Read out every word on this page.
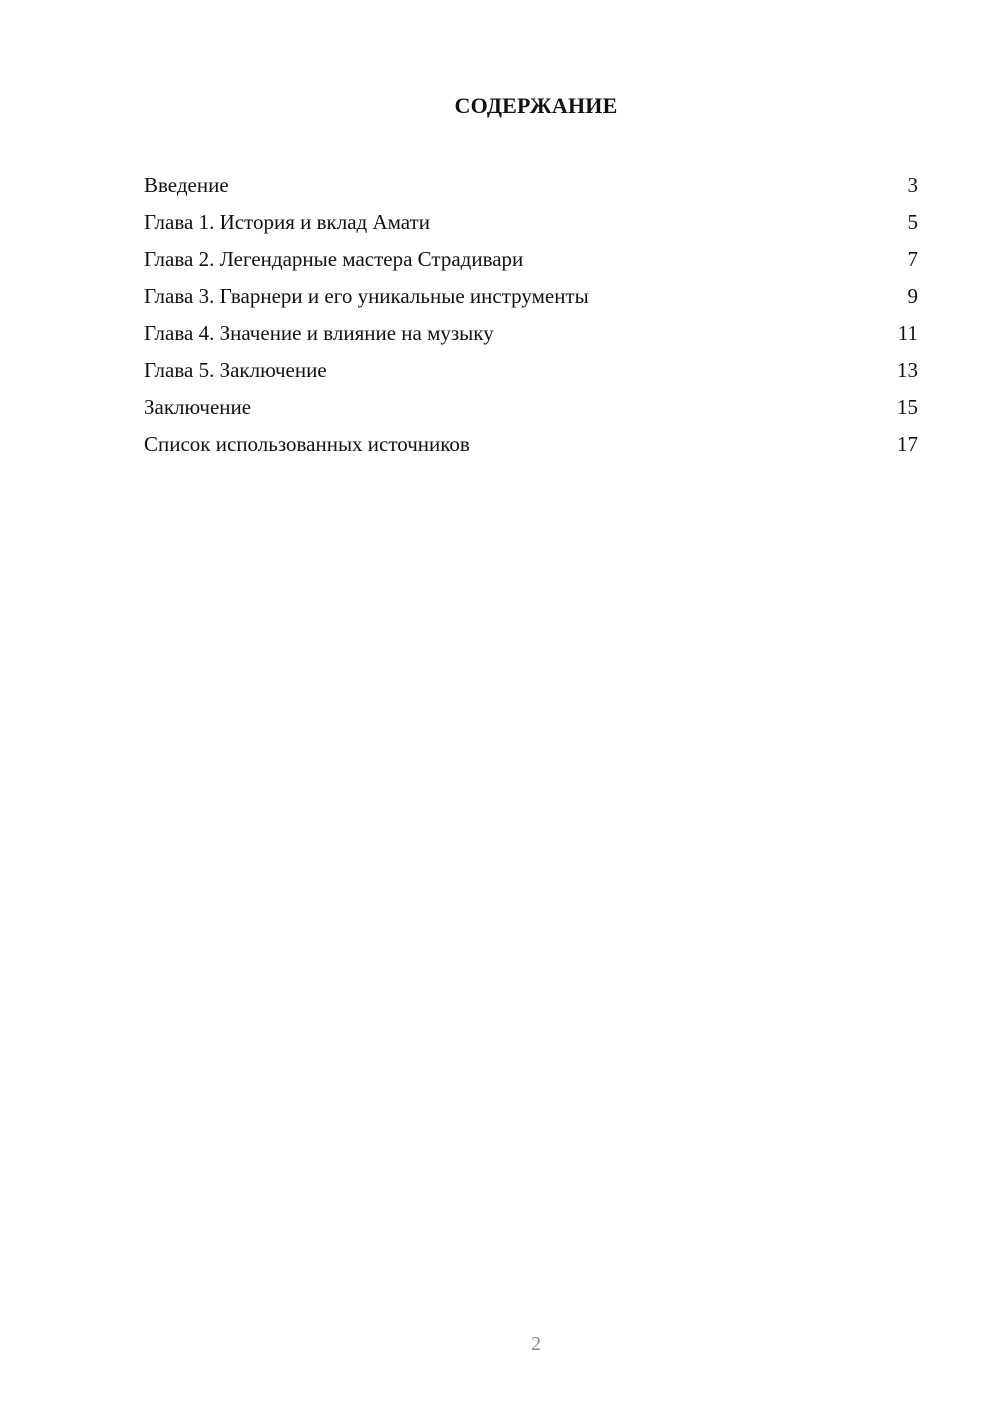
СОДЕРЖАНИЕ
Введение	3
Глава 1. История и вклад Амати	5
Глава 2. Легендарные мастера Страдивари	7
Глава 3. Гварнери и его уникальные инструменты	9
Глава 4. Значение и влияние на музыку	11
Глава 5. Заключение	13
Заключение	15
Список использованных источников	17
2
